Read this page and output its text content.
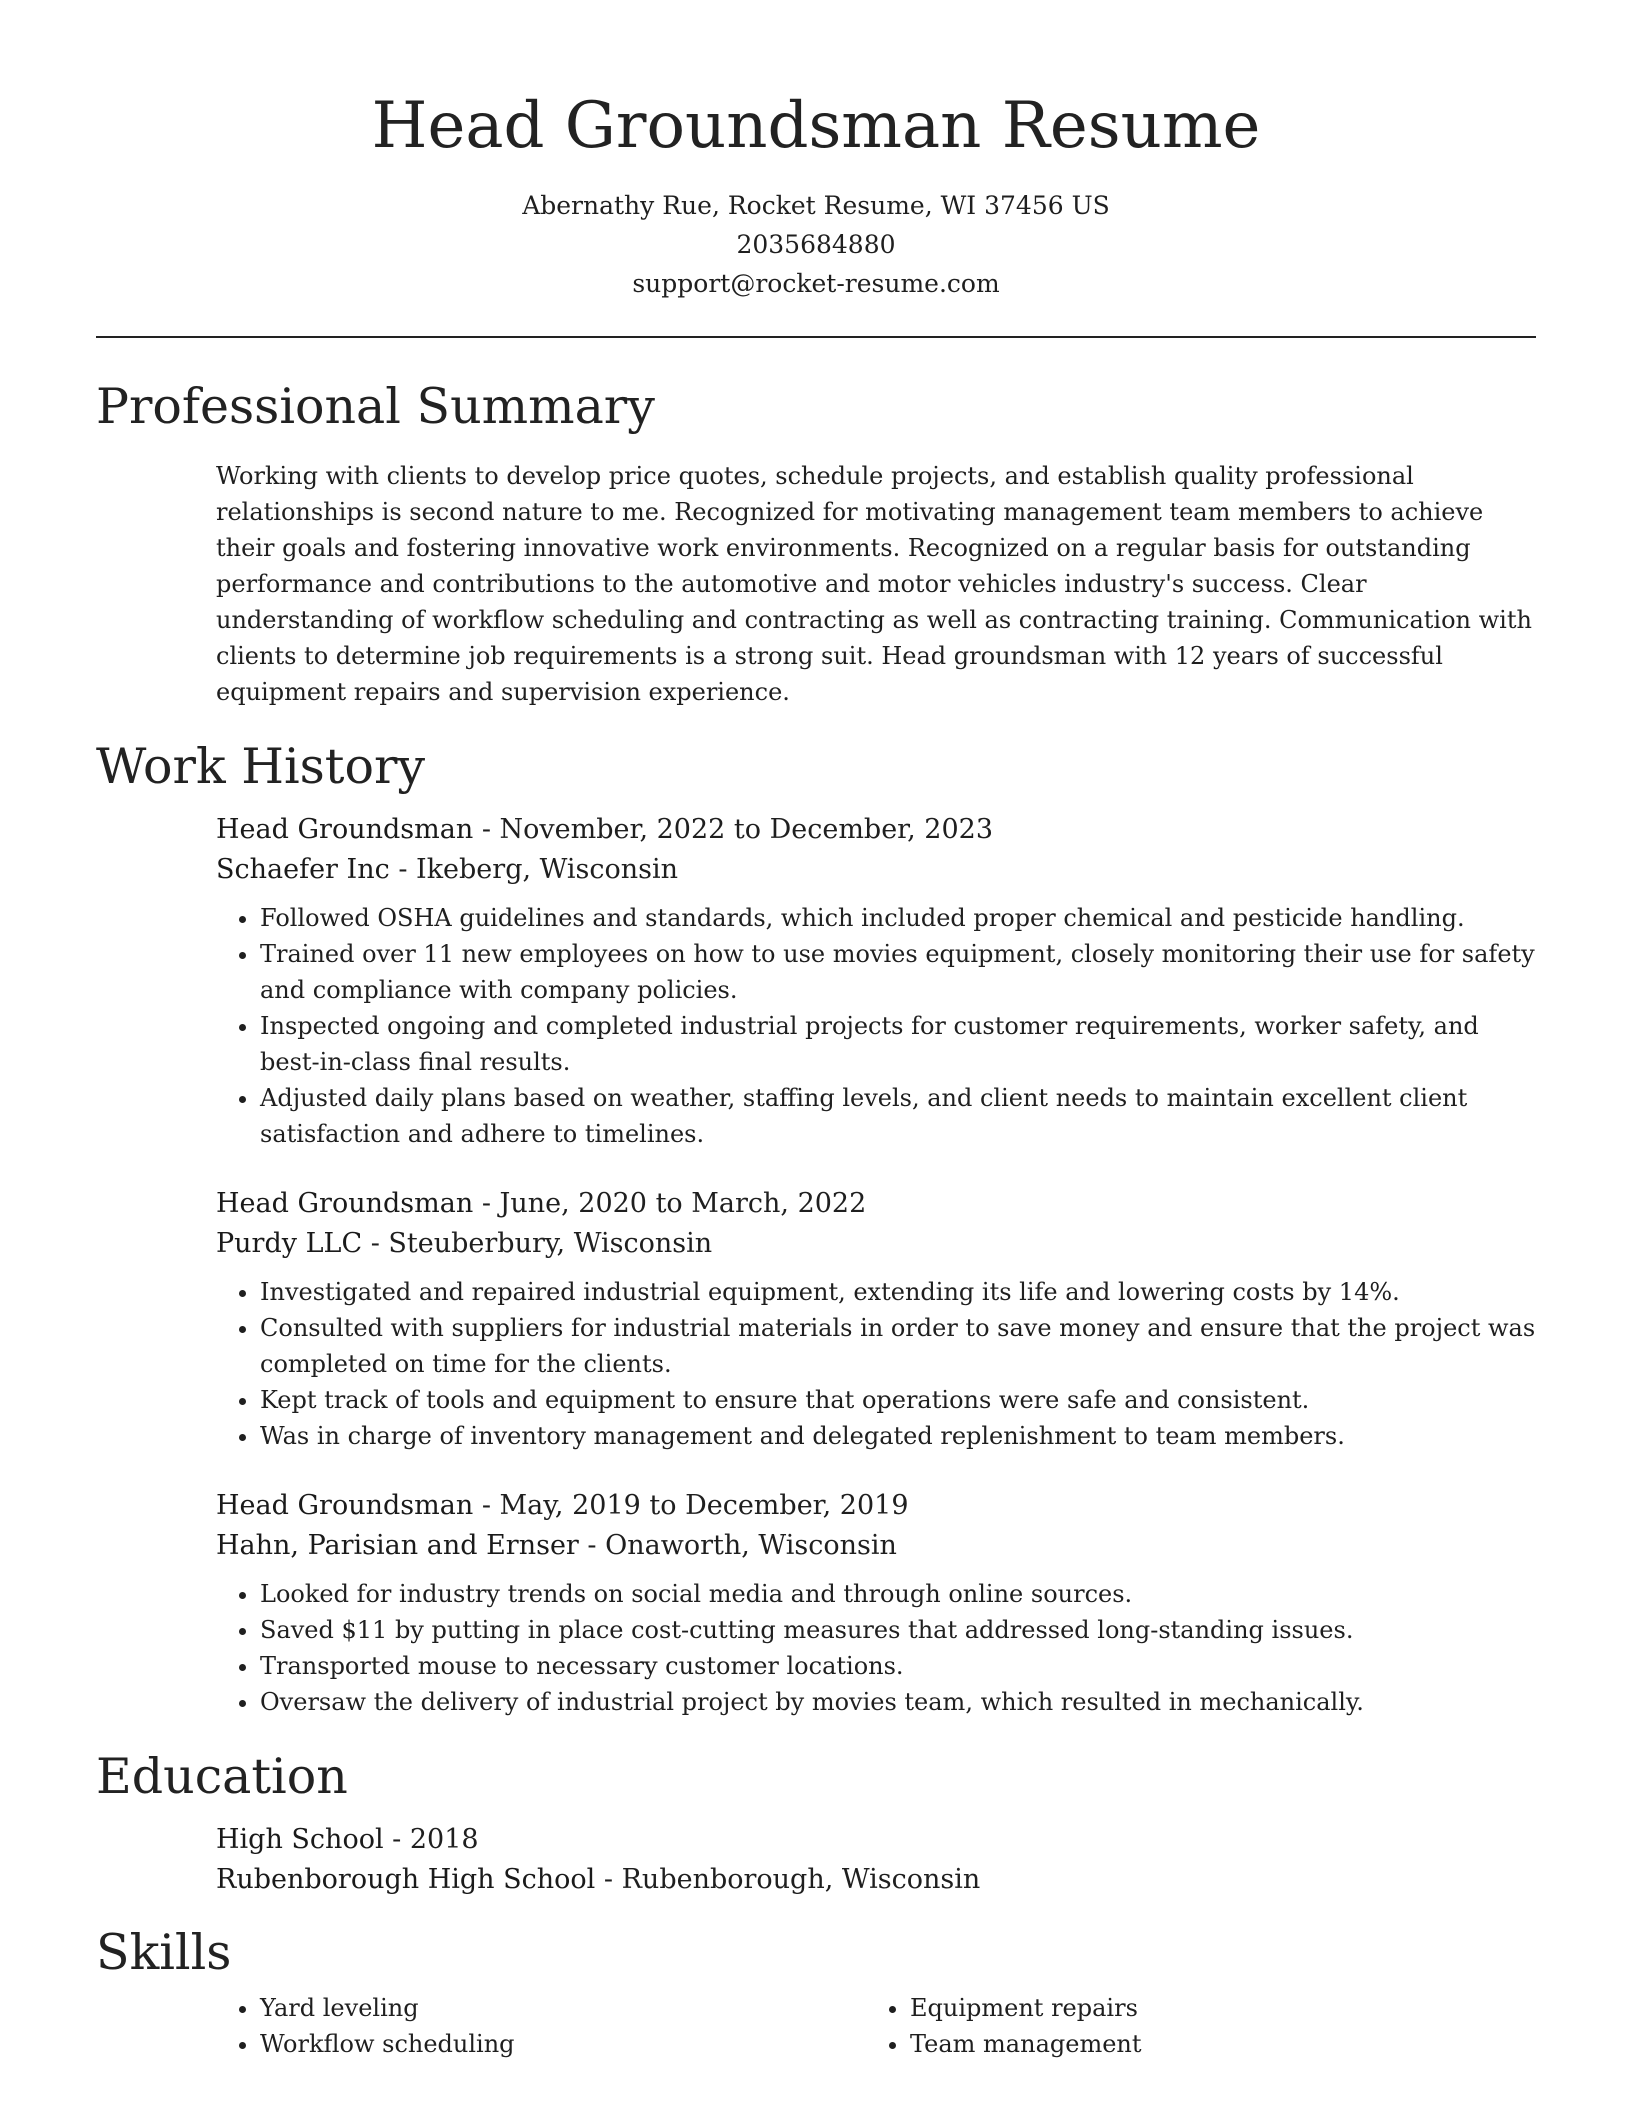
Head Groundsman Resume

Abernathy Rue, Rocket Resume, WI 37456 US

2035684880

support@rocket-resume.com

Professional Summary

Working with clients to develop price quotes, schedule projects, and establish quality professional relationships is second nature to me. Recognized for motivating management team members to achieve their goals and fostering innovative work environments. Recognized on a regular basis for outstanding performance and contributions to the automotive and motor vehicles industry's success. Clear understanding of workflow scheduling and contracting as well as contracting training. Communication with clients to determine job requirements is a strong suit. Head groundsman with 12 years of successful equipment repairs and supervision experience.

Work History

Head Groundsman - November, 2022 to December, 2023

Schaefer Inc - Ikeberg, Wisconsin

• Followed OSHA guidelines and standards, which included proper chemical and pesticide handling.
• Trained over 11 new employees on how to use movies equipment, closely monitoring their use for safety and compliance with company policies.
• Inspected ongoing and completed industrial projects for customer requirements, worker safety, and best-in-class final results.
• Adjusted daily plans based on weather, staffing levels, and client needs to maintain excellent client satisfaction and adhere to timelines.

Head Groundsman - June, 2020 to March, 2022

Purdy LLC - Steuberbury, Wisconsin

• Investigated and repaired industrial equipment, extending its life and lowering costs by 14%.
• Consulted with suppliers for industrial materials in order to save money and ensure that the project was completed on time for the clients.
• Kept track of tools and equipment to ensure that operations were safe and consistent.
• Was in charge of inventory management and delegated replenishment to team members.

Head Groundsman - May, 2019 to December, 2019

Hahn, Parisian and Ernser - Onaworth, Wisconsin

• Looked for industry trends on social media and through online sources.
• Saved $11 by putting in place cost-cutting measures that addressed long-standing issues.
• Transported mouse to necessary customer locations.
• Oversaw the delivery of industrial project by movies team, which resulted in mechanically.
Education

High School - 2018

Rubenborough High School - Rubenborough, Wisconsin

Skills
• Yard leveling
• Workflow scheduling
• Equipment repairs
• Team management
